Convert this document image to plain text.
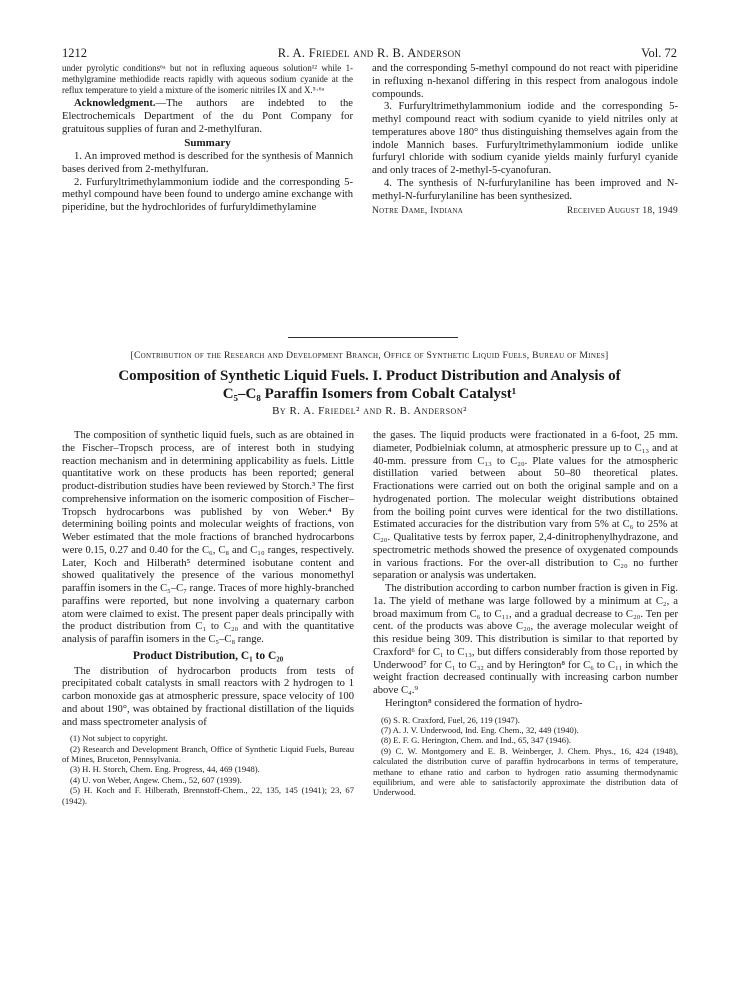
1212	R. A. Friedel and R. B. Anderson	Vol. 72

under pyrolytic conditions⁶ᵃ but not in refluxing aqueous solution¹² while 1-methylgramine methiodide reacts rapidly with aqueous sodium cyanide at the reflux temperature to yield a mixture of the isomeric nitriles IX and X.⁵·⁶ᵃ

Acknowledgment.—The authors are indebted to the Electrochemicals Department of the du Pont Company for gratuitous supplies of furan and 2-methylfuran.

Summary

1. An improved method is described for the synthesis of Mannich bases derived from 2-methylfuran.

2. Furfuryltrimethylammonium iodide and the corresponding 5-methyl compound have been found to undergo amine exchange with piperidine, but the hydrochlorides of furfuryldimethylamine

and the corresponding 5-methyl compound do not react with piperidine in refluxing n-hexanol differing in this respect from analogous indole compounds.

3. Furfuryltrimethylammonium iodide and the corresponding 5-methyl compound react with sodium cyanide to yield nitriles only at temperatures above 180° thus distinguishing themselves again from the indole Mannich bases. Furfuryltrimethylammonium iodide unlike furfuryl chloride with sodium cyanide yields mainly furfuryl cyanide and only traces of 2-methyl-5-cyanofuran.

4. The synthesis of N-furfurylaniline has been improved and N-methyl-N-furfurylaniline has been synthesized.

Notre Dame, Indiana	Received August 18, 1949
[Contribution of the Research and Development Branch, Office of Synthetic Liquid Fuels, Bureau of Mines]
Composition of Synthetic Liquid Fuels. I. Product Distribution and Analysis of
C₅–C₈ Paraffin Isomers from Cobalt Catalyst¹
By R. A. Friedel² and R. B. Anderson²

The composition of synthetic liquid fuels, such as are obtained in the Fischer–Tropsch process, are of interest both in studying reaction mechanism and in determining applicability as fuels. Little quantitative work on these products has been reported; general product-distribution studies have been reviewed by Storch.³ The first comprehensive information on the isomeric composition of Fischer–Tropsch hydrocarbons was published by von Weber.⁴ By determining boiling points and molecular weights of fractions, von Weber estimated that the mole fractions of branched hydrocarbons were 0.15, 0.27 and 0.40 for the C₆, C₈ and C₁₀ ranges, respectively. Later, Koch and Hilberath⁵ determined isobutane content and showed qualitatively the presence of the various monomethyl paraffin isomers in the C₅–C₇ range. Traces of more highly-branched paraffins were reported, but none involving a quaternary carbon atom were claimed to exist. The present paper deals principally with the product distribution from C₁ to C₂₀ and with the quantitative analysis of paraffin isomers in the C₅–C₈ range.

Product Distribution, C₁ to C₂₀

The distribution of hydrocarbon products from tests of precipitated cobalt catalysts in small reactors with 2 hydrogen to 1 carbon monoxide gas at atmospheric pressure, space velocity of 100 and about 190°, was obtained by fractional distillation of the liquids and mass spectrometer analysis of

(1) Not subject to copyright.

(2) Research and Development Branch, Office of Synthetic Liquid Fuels, Bureau of Mines, Bruceton, Pennsylvania.

(3) H. H. Storch, Chem. Eng. Progress, 44, 469 (1948).

(4) U. von Weber, Angew. Chem., 52, 607 (1939).

(5) H. Koch and F. Hilberath, Brennstoff-Chem., 22, 135, 145 (1941); 23, 67 (1942).

the gases. The liquid products were fractionated in a 6-foot, 25 mm. diameter, Podbielniak column, at atmospheric pressure up to C₁₃ and at 40-mm. pressure from C₁₃ to C₂₀. Plate values for the atmospheric distillation varied between about 50–80 theoretical plates. Fractionations were carried out on both the original sample and on a hydrogenated portion. The molecular weight distributions obtained from the boiling point curves were identical for the two distillations. Estimated accuracies for the distribution vary from 5% at C₆ to 25% at C₂₀. Qualitative tests by ferrox paper, 2,4-dinitrophenylhydrazone, and spectrometric methods showed the presence of oxygenated compounds in various fractions. For the over-all distribution to C₂₀ no further separation or analysis was undertaken.

The distribution according to carbon number fraction is given in Fig. 1a. The yield of methane was large followed by a minimum at C₂, a broad maximum from C₆ to C₁₁, and a gradual decrease to C₂₀. Ten per cent. of the products was above C₂₀, the average molecular weight of this residue being 309. This distribution is similar to that reported by Craxford⁶ for C₁ to C₁₃, but differs considerably from those reported by Underwood⁷ for C₁ to C₃₂ and by Herington⁸ for C₆ to C₁₁ in which the weight fraction decreased continually with increasing carbon number above C₄.⁹

Herington⁸ considered the formation of hydro-

(6) S. R. Craxford, Fuel, 26, 119 (1947).

(7) A. J. V. Underwood, Ind. Eng. Chem., 32, 449 (1940).

(8) E. F. G. Herington, Chem. and Ind., 65, 347 (1946).

(9) C. W. Montgomery and E. B. Weinberger, J. Chem. Phys., 16, 424 (1948), calculated the distribution curve of paraffin hydrocarbons in terms of temperature, methane to ethane ratio and carbon to hydrogen ratio assuming thermodynamic equilibrium, and were able to satisfactorily approximate the distribution data of Underwood.
